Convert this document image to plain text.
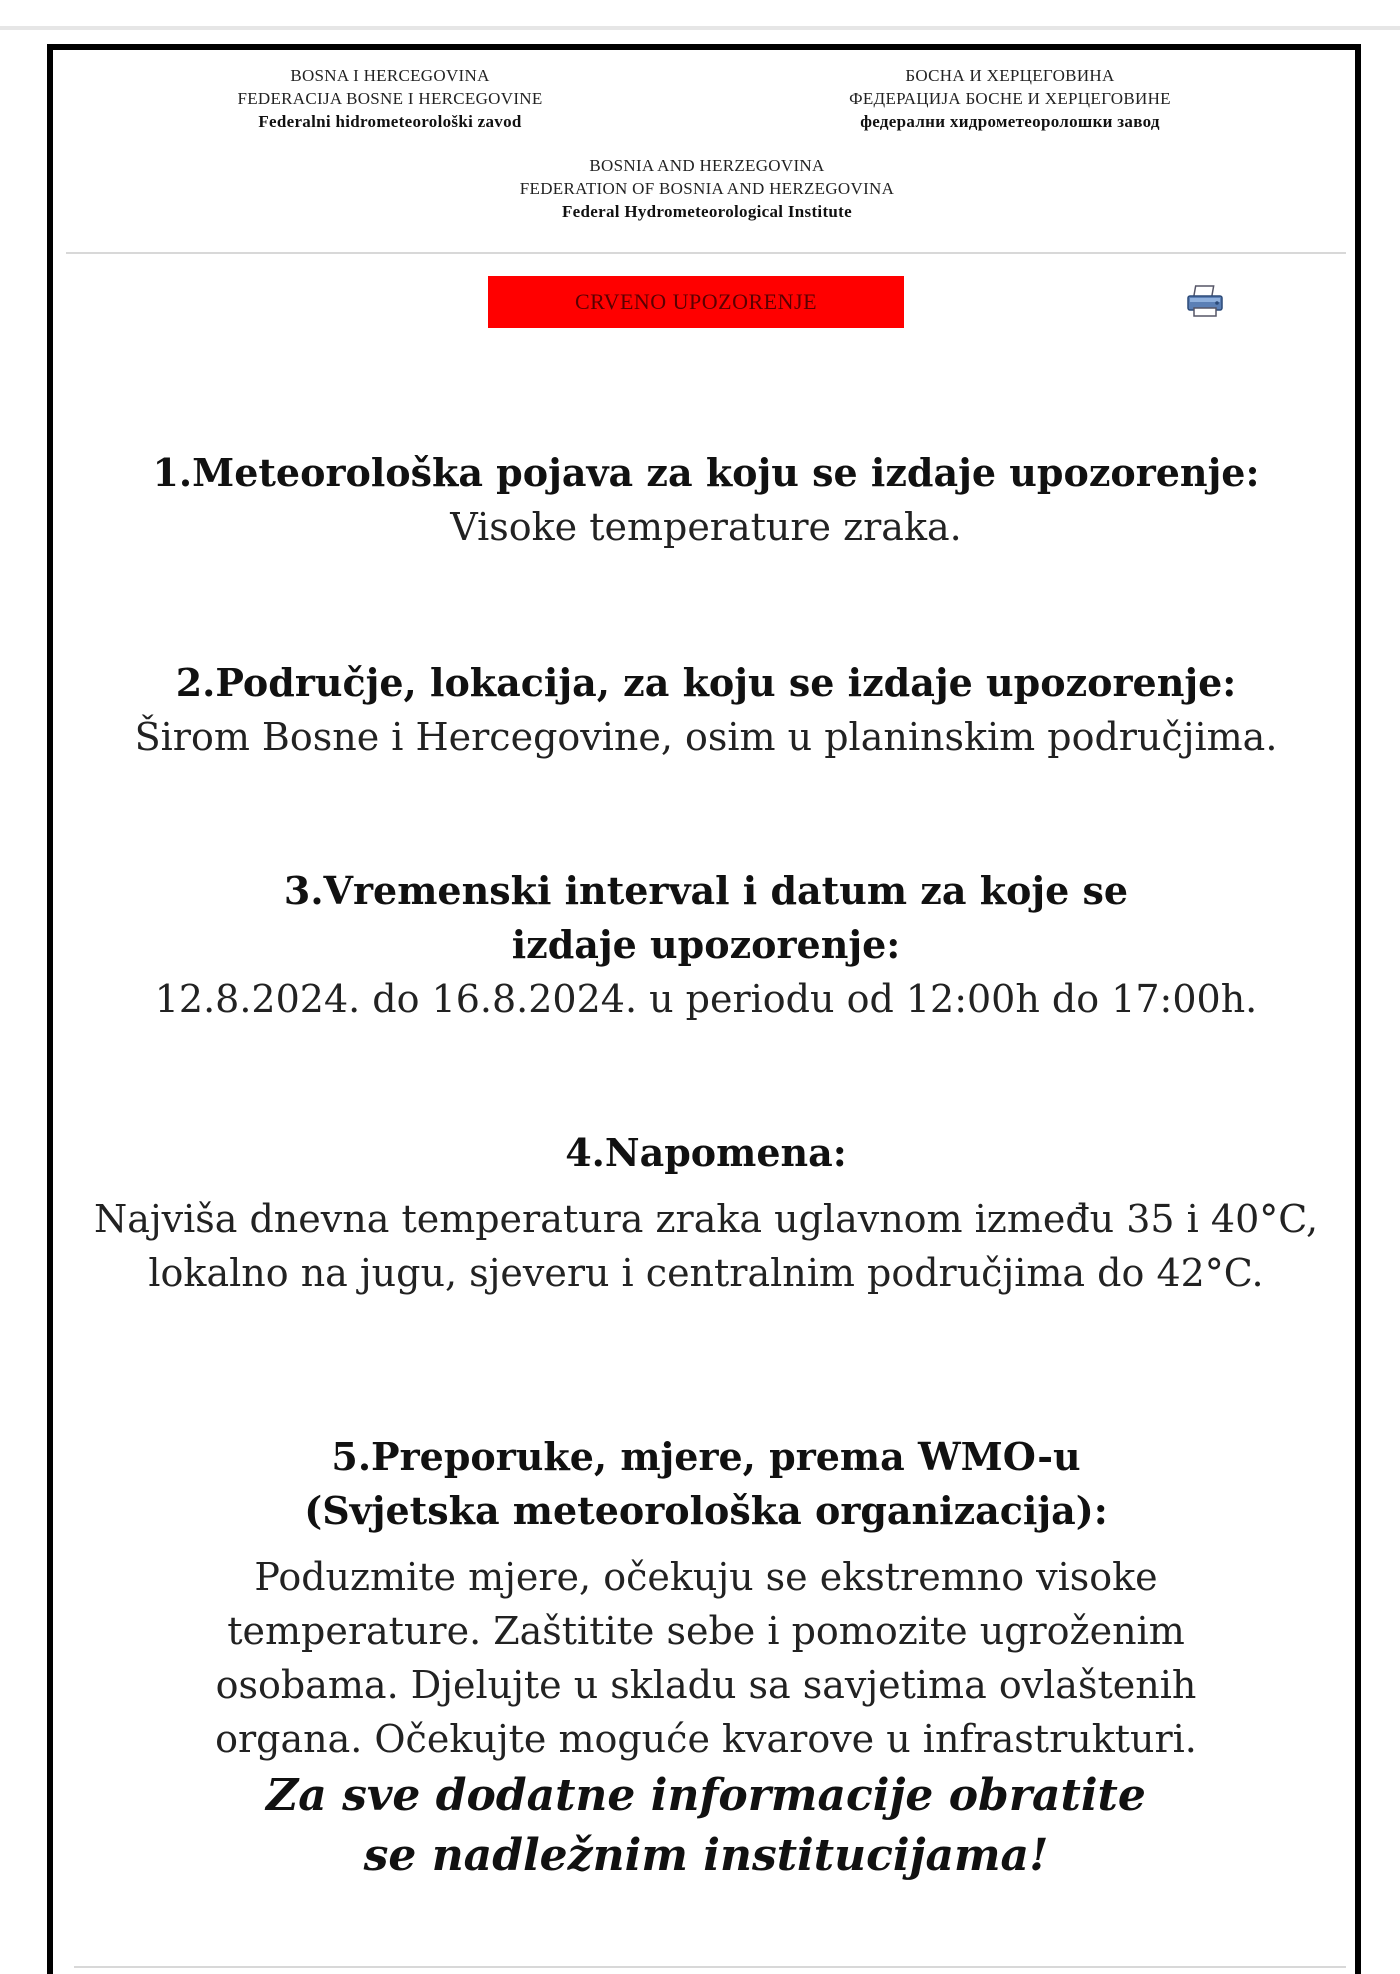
BOSNA I HERCEGOVINA
FEDERACIJA BOSNE I HERCEGOVINE
Federalni hidrometeorološki zavod
БОСНА И ХЕРЦЕГОВИНА
ФЕДЕРАЦИЈА БОСНЕ И ХЕРЦЕГОВИНЕ
федерални хидрометеоролошки завод
BOSNIA AND HERZEGOVINA
FEDERATION OF BOSNIA AND HERZEGOVINA
Federal Hydrometeorological Institute
CRVENO UPOZORENJE
1.Meteorološka pojava za koju se izdaje upozorenje:

Visoke temperature zraka.

2.Područje, lokacija, za koju se izdaje upozorenje:

Širom Bosne i Hercegovine, osim u planinskim područjima.

3.Vremenski interval i datum za koje se izdaje upozorenje:

12.8.2024. do 16.8.2024. u periodu od 12:00h do 17:00h.

4.Napomena:

Najviša dnevna temperatura zraka uglavnom između 35 i 40°C, lokalno na jugu, sjeveru i centralnim područjima do 42°C.

5.Preporuke, mjere, prema WMO-u (Svjetska meteorološka organizacija):

Poduzmite mjere, očekuju se ekstremno visoke temperature. Zaštitite sebe i pomozite ugroženim osobama. Djelujte u skladu sa savjetima ovlaštenih organa. Očekujte moguće kvarove u infrastrukturi.

Za sve dodatne informacije obratite se nadležnim institucijama!
